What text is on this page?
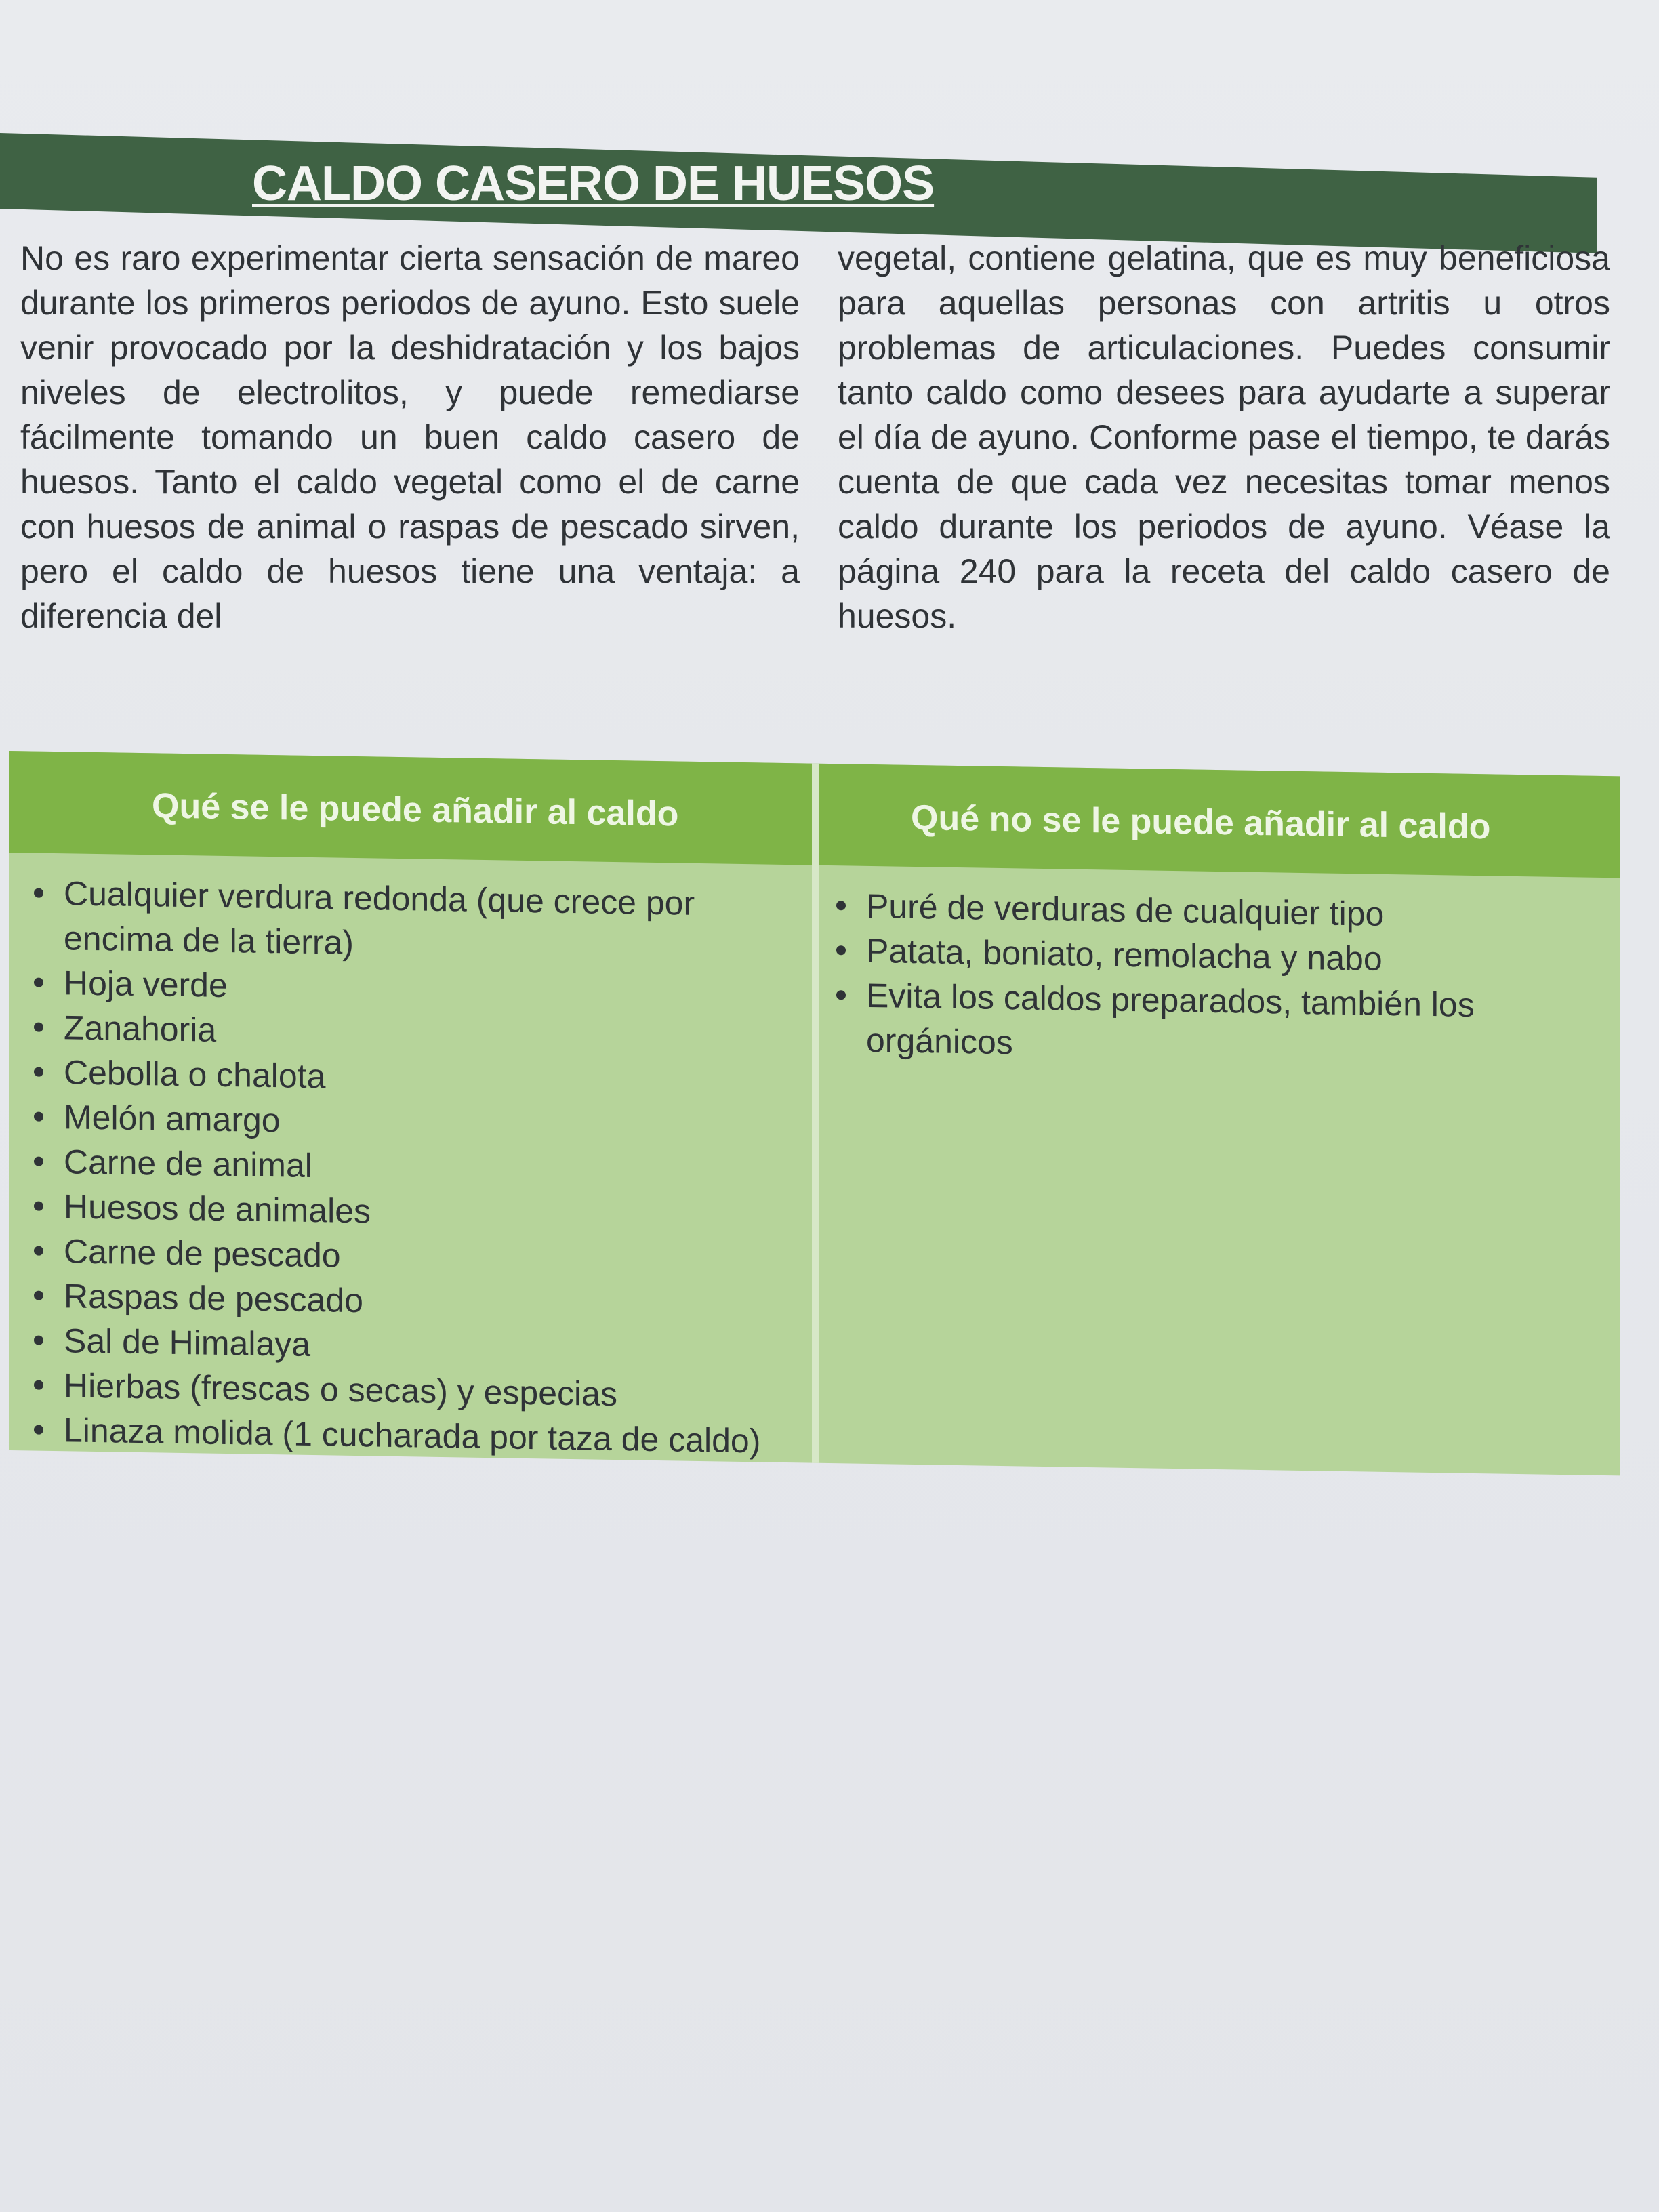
CALDO CASERO DE HUESOS
No es raro experimentar cierta sensación de mareo durante los primeros periodos de ayuno. Esto suele venir provocado por la deshidratación y los bajos niveles de electrolitos, y puede remediarse fácilmente tomando un buen caldo casero de huesos. Tanto el caldo vegetal como el de carne con huesos de animal o raspas de pescado sirven, pero el caldo de huesos tiene una ventaja: a diferencia del
vegetal, contiene gelatina, que es muy beneficiosa para aquellas personas con artritis u otros problemas de articulaciones. Puedes consumir tanto caldo como desees para ayudarte a superar el día de ayuno. Conforme pase el tiempo, te darás cuenta de que cada vez necesitas tomar menos caldo durante los periodos de ayuno. Véase la página 240 para la receta del caldo casero de huesos.
Qué se le puede añadir al caldo	Qué no se le puede añadir al caldo
Cualquier verdura redonda (que crece por encima de la tierra)
Hoja verde
Zanahoria
Cebolla o chalota
Melón amargo
Carne de animal
Huesos de animales
Carne de pescado
Raspas de pescado
Sal de Himalaya
Hierbas (frescas o secas) y especias
Linaza molida (1 cucharada por taza de caldo)
Puré de verduras de cualquier tipo
Patata, boniato, remolacha y nabo
Evita los caldos preparados, también los orgánicos
